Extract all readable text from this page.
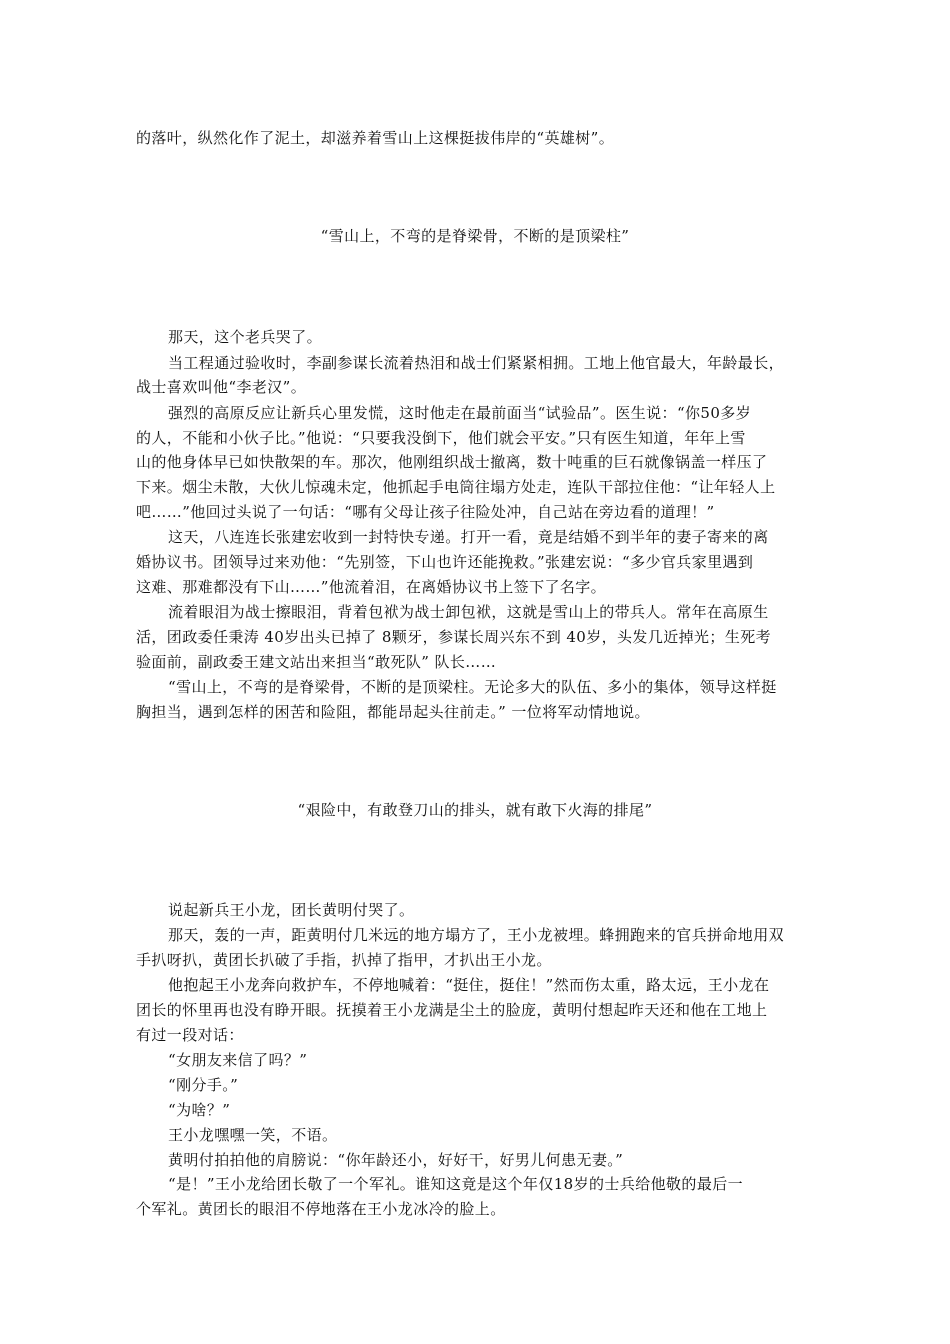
的落叶，纵然化作了泥土，却滋养着雪山上这棵挺拔伟岸的“英雄树”。
“雪山上，不弯的是脊梁骨，不断的是顶梁柱”
那天，这个老兵哭了。
当工程通过验收时，李副参谋长流着热泪和战士们紧紧相拥。工地上他官最大，年龄最长，
战士喜欢叫他“李老汉”。
强烈的高原反应让新兵心里发慌，这时他走在最前面当“试验品”。医生说：“你50多岁
的人，不能和小伙子比。”他说：“只要我没倒下，他们就会平安。”只有医生知道，年年上雪
山的他身体早已如快散架的车。那次，他刚组织战士撤离，数十吨重的巨石就像锅盖一样压了
下来。烟尘未散，大伙儿惊魂未定，他抓起手电筒往塌方处走，连队干部拉住他：“让年轻人上
吧……”他回过头说了一句话：“哪有父母让孩子往险处冲，自己站在旁边看的道理！”
这天，八连连长张建宏收到一封特快专递。打开一看，竟是结婚不到半年的妻子寄来的离
婚协议书。团领导过来劝他：“先别签，下山也许还能挽救。”张建宏说：“多少官兵家里遇到
这难、那难都没有下山……”他流着泪，在离婚协议书上签下了名字。
流着眼泪为战士擦眼泪，背着包袱为战士卸包袱，这就是雪山上的带兵人。常年在高原生
活，团政委任秉涛 40岁出头已掉了 8颗牙，参谋长周兴东不到 40岁，头发几近掉光；生死考
验面前，副政委王建文站出来担当“敢死队” 队长……
“雪山上，不弯的是脊梁骨，不断的是顶梁柱。无论多大的队伍、多小的集体，领导这样挺
胸担当，遇到怎样的困苦和险阻，都能昂起头往前走。” 一位将军动情地说。
“艰险中，有敢登刀山的排头，就有敢下火海的排尾”
说起新兵王小龙，团长黄明付哭了。
那天，轰的一声，距黄明付几米远的地方塌方了，王小龙被埋。蜂拥跑来的官兵拼命地用双
手扒呀扒，黄团长扒破了手指，扒掉了指甲，才扒出王小龙。
他抱起王小龙奔向救护车，不停地喊着：“挺住，挺住！”然而伤太重，路太远，王小龙在
团长的怀里再也没有睁开眼。抚摸着王小龙满是尘土的脸庞，黄明付想起昨天还和他在工地上
有过一段对话：
“女朋友来信了吗？”
“刚分手。”
“为啥？”
王小龙嘿嘿一笑，不语。
黄明付拍拍他的肩膀说：“你年龄还小，好好干，好男儿何患无妻。”
“是！”王小龙给团长敬了一个军礼。谁知这竟是这个年仅18岁的士兵给他敬的最后一
个军礼。黄团长的眼泪不停地落在王小龙冰冷的脸上。
